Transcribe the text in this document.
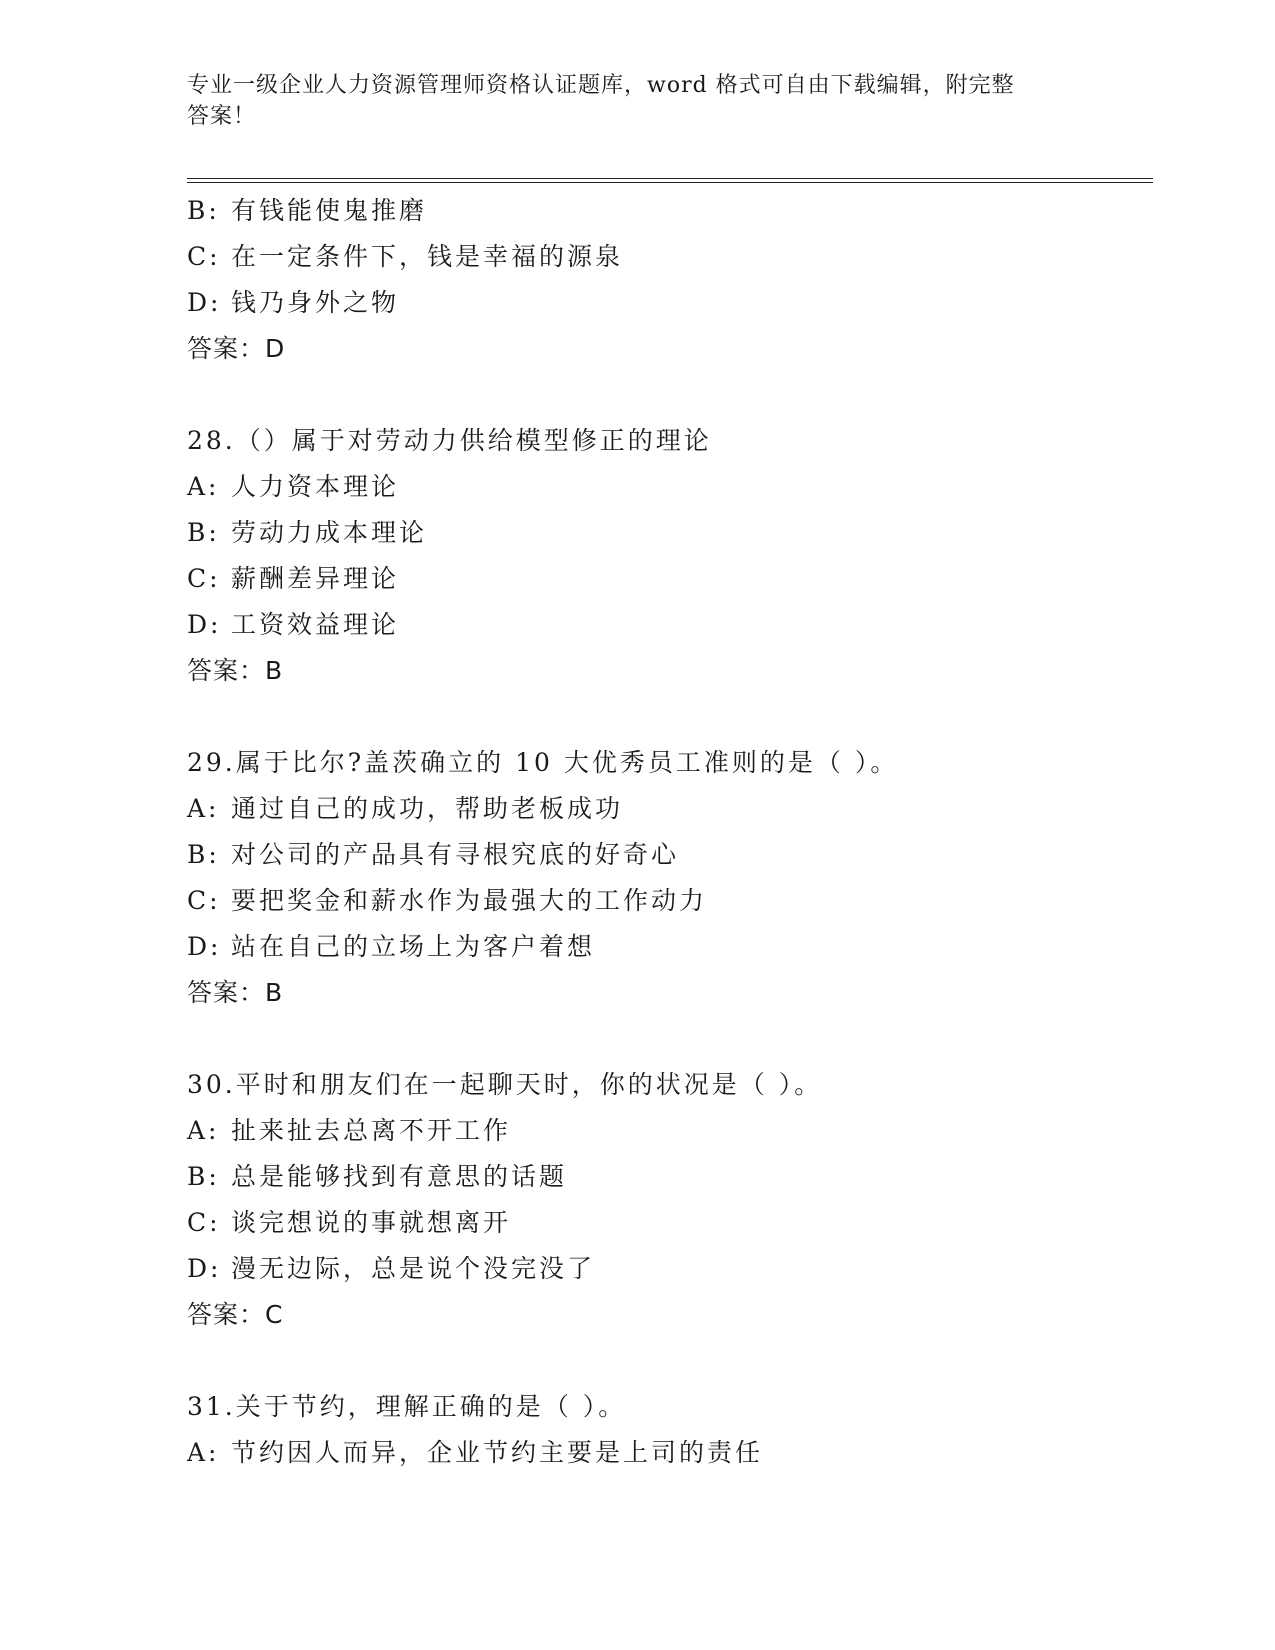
专业一级企业人力资源管理师资格认证题库，word 格式可自由下载编辑，附完整
答案！
B: 有钱能使鬼推磨
C: 在一定条件下，钱是幸福的源泉
D: 钱乃身外之物
答案：D
28.（）属于对劳动力供给模型修正的理论
A: 人力资本理论
B: 劳动力成本理论
C: 薪酬差异理论
D: 工资效益理论
答案：B
29.属于比尔?盖茨确立的 10 大优秀员工准则的是（ ）。
A: 通过自己的成功，帮助老板成功
B: 对公司的产品具有寻根究底的好奇心
C: 要把奖金和薪水作为最强大的工作动力
D: 站在自己的立场上为客户着想
答案：B
30.平时和朋友们在一起聊天时，你的状况是（ ）。
A: 扯来扯去总离不开工作
B: 总是能够找到有意思的话题
C: 谈完想说的事就想离开
D: 漫无边际，总是说个没完没了
答案：C
31.关于节约，理解正确的是（ ）。
A: 节约因人而异，企业节约主要是上司的责任
